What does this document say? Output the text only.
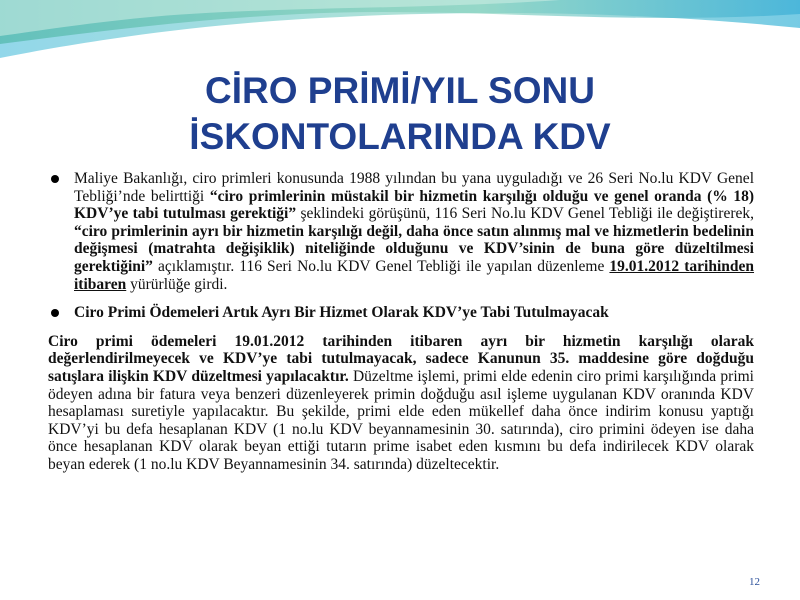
CİRO PRİMİ/YIL SONU
İSKONTOLARINDA KDV
Maliye Bakanlığı, ciro primleri konusunda 1988 yılından bu yana uyguladığı ve 26 Seri No.lu KDV Genel Tebliği’nde belirttiği “ciro primlerinin müstakil bir hizmetin karşılığı olduğu ve genel oranda (% 18) KDV’ye tabi tutulması gerektiği” şeklindeki görüşünü, 116 Seri No.lu KDV Genel Tebliği ile değiştirerek, “ciro primlerinin ayrı bir hizmetin karşılığı değil, daha önce satın alınmış mal ve hizmetlerin bedelinin değişmesi (matrahta değişiklik) niteliğinde olduğunu ve KDV’sinin de buna göre düzeltilmesi gerektiğini” açıklamıştır. 116 Seri No.lu KDV Genel Tebliği ile yapılan düzenleme 19.01.2012 tarihinden itibaren yürürlüğe girdi.
Ciro Primi Ödemeleri Artık Ayrı Bir Hizmet Olarak KDV’ye Tabi Tutulmayacak
Ciro primi ödemeleri 19.01.2012 tarihinden itibaren ayrı bir hizmetin karşılığı olarak değerlendirilmeyecek ve KDV’ye tabi tutulmayacak, sadece Kanunun 35. maddesine göre doğduğu satışlara ilişkin KDV düzeltmesi yapılacaktır. Düzeltme işlemi, primi elde edenin ciro primi karşılığında primi ödeyen adına bir fatura veya benzeri düzenleyerek primin doğduğu asıl işleme uygulanan KDV oranında KDV hesaplaması suretiyle yapılacaktır. Bu şekilde, primi elde eden mükellef daha önce indirim konusu yaptığı KDV’yi bu defa hesaplanan KDV (1 no.lu KDV beyannamesinin 30. satırında), ciro primini ödeyen ise daha önce hesaplanan KDV olarak beyan ettiği tutarın prime isabet eden kısmını bu defa indirilecek KDV olarak beyan ederek (1 no.lu KDV Beyannamesinin 34. satırında) düzeltecektir.
12
